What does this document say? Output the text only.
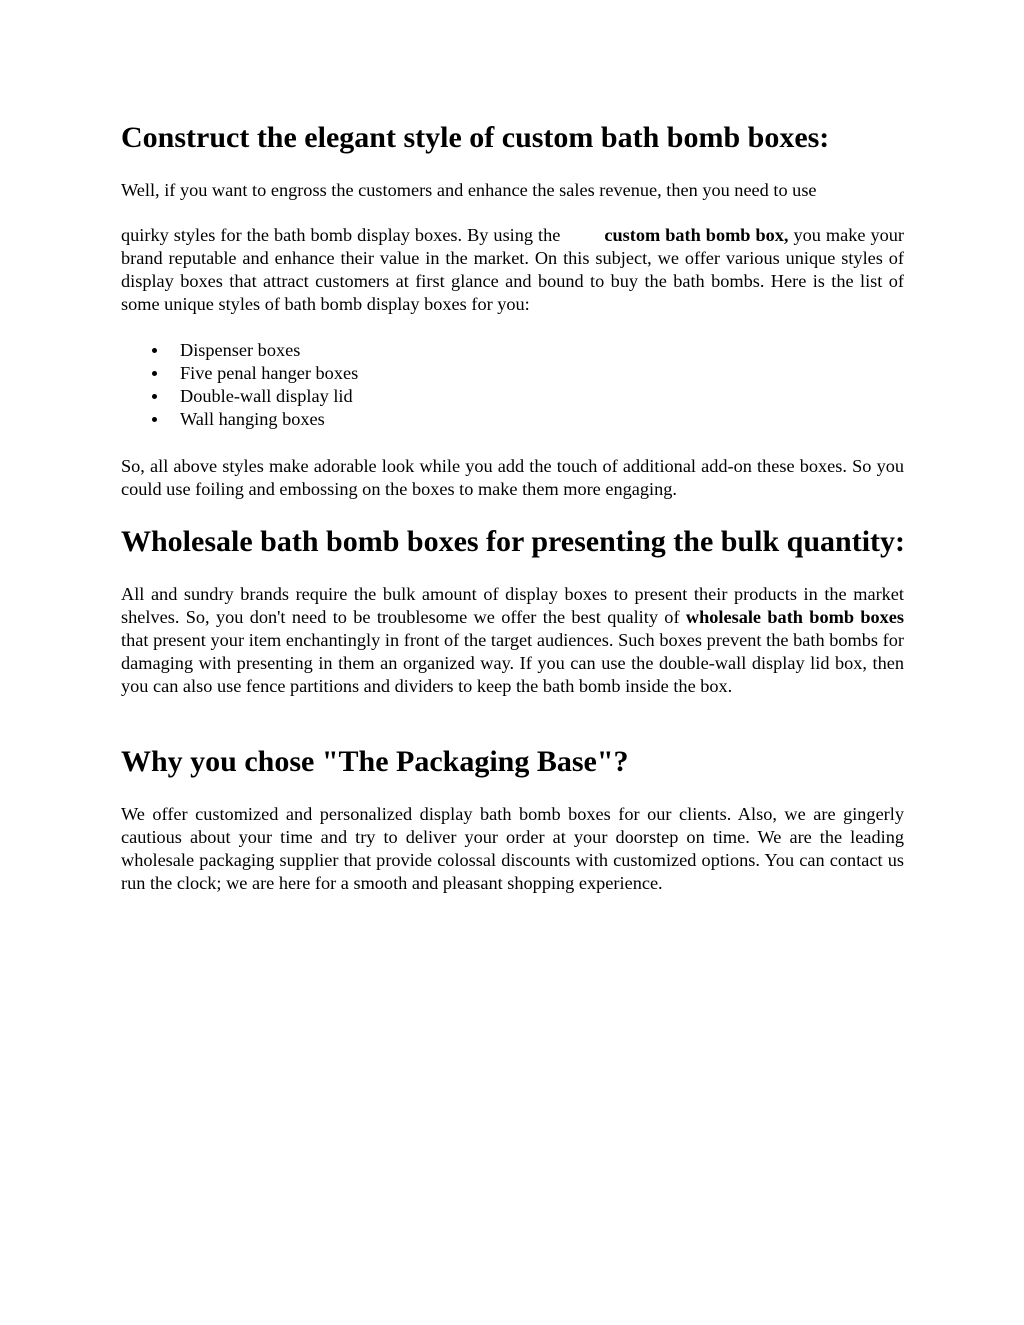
Construct the elegant style of custom bath bomb boxes:

Well, if you want to engross the customers and enhance the sales revenue, then you need to use

quirky styles for the bath bomb display boxes. By using the custom bath bomb box, you make your brand reputable and enhance their value in the market. On this subject, we offer various unique styles of display boxes that attract customers at first glance and bound to buy the bath bombs. Here is the list of some unique styles of bath bomb display boxes for you:

Dispenser boxes
Five penal hanger boxes
Double-wall display lid
Wall hanging boxes

So, all above styles make adorable look while you add the touch of additional add-on these boxes. So you could use foiling and embossing on the boxes to make them more engaging.

Wholesale bath bomb boxes for presenting the bulk quantity:

All and sundry brands require the bulk amount of display boxes to present their products in the market shelves. So, you don't need to be troublesome we offer the best quality of wholesale bath bomb boxes that present your item enchantingly in front of the target audiences. Such boxes prevent the bath bombs for damaging with presenting in them an organized way. If you can use the double-wall display lid box, then you can also use fence partitions and dividers to keep the bath bomb inside the box.

Why you chose "The Packaging Base"?

We offer customized and personalized display bath bomb boxes for our clients. Also, we are gingerly cautious about your time and try to deliver your order at your doorstep on time. We are the leading wholesale packaging supplier that provide colossal discounts with customized options. You can contact us run the clock; we are here for a smooth and pleasant shopping experience.
